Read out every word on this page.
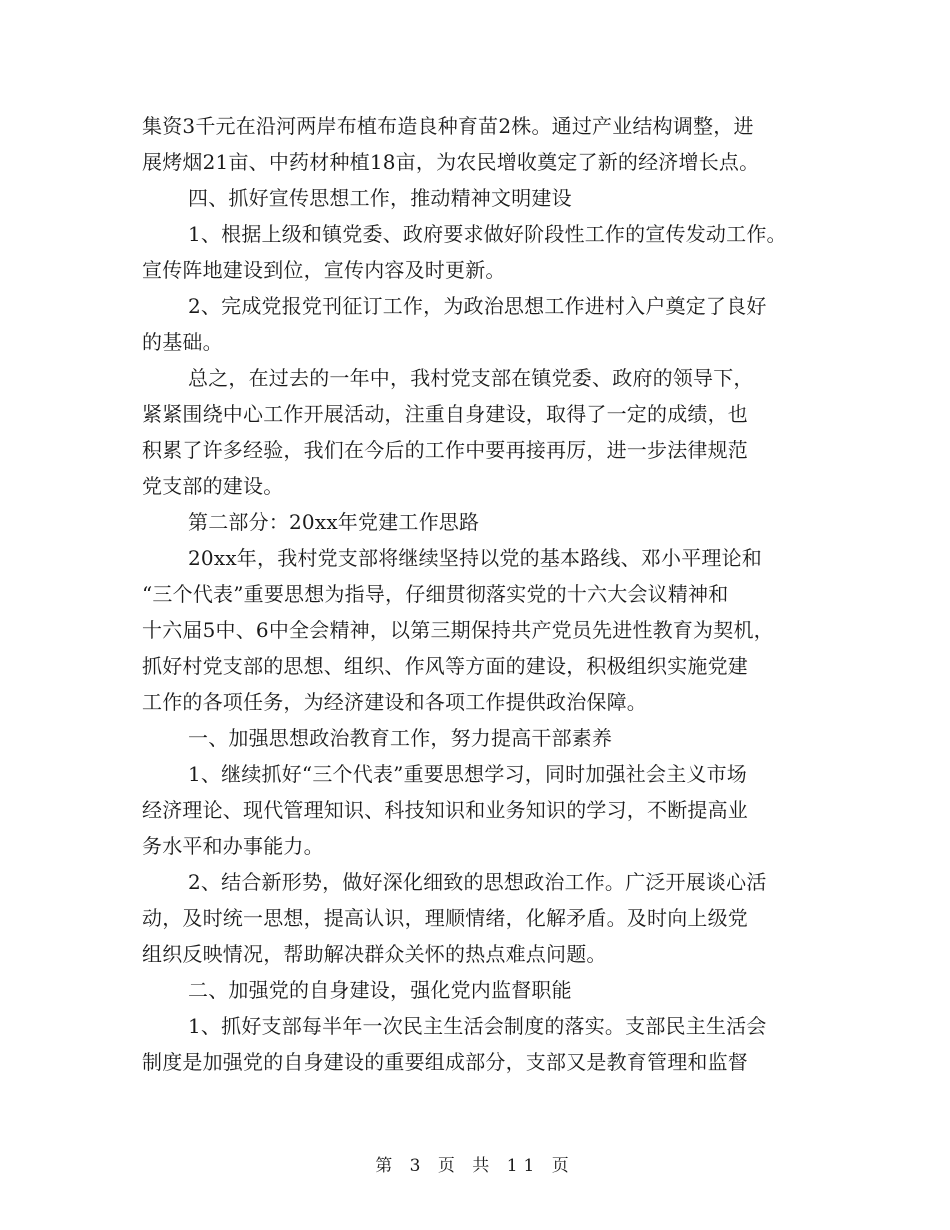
集资3千元在沿河两岸布植布造良种育苗2株。通过产业结构调整，进
展烤烟21亩、中药材种植18亩，为农民增收奠定了新的经济增长点。
四、抓好宣传思想工作，推动精神文明建设
1、根据上级和镇党委、政府要求做好阶段性工作的宣传发动工作。
宣传阵地建设到位，宣传内容及时更新。
2、完成党报党刊征订工作，为政治思想工作进村入户奠定了良好
的基础。
总之，在过去的一年中，我村党支部在镇党委、政府的领导下，
紧紧围绕中心工作开展活动，注重自身建设，取得了一定的成绩，也
积累了许多经验，我们在今后的工作中要再接再厉，进一步法律规范
党支部的建设。
第二部分：20xx年党建工作思路
20xx年，我村党支部将继续坚持以党的基本路线、邓小平理论和
“三个代表”重要思想为指导，仔细贯彻落实党的十六大会议精神和
十六届5中、6中全会精神，以第三期保持共产党员先进性教育为契机，
抓好村党支部的思想、组织、作风等方面的建设，积极组织实施党建
工作的各项任务，为经济建设和各项工作提供政治保障。
一、加强思想政治教育工作，努力提高干部素养
1、继续抓好“三个代表”重要思想学习，同时加强社会主义市场
经济理论、现代管理知识、科技知识和业务知识的学习，不断提高业
务水平和办事能力。
2、结合新形势，做好深化细致的思想政治工作。广泛开展谈心活
动，及时统一思想，提高认识，理顺情绪，化解矛盾。及时向上级党
组织反映情况，帮助解决群众关怀的热点难点问题。
二、加强党的自身建设，强化党内监督职能
1、抓好支部每半年一次民主生活会制度的落实。支部民主生活会
制度是加强党的自身建设的重要组成部分，支部又是教育管理和监督
第 3 页 共 11 页
